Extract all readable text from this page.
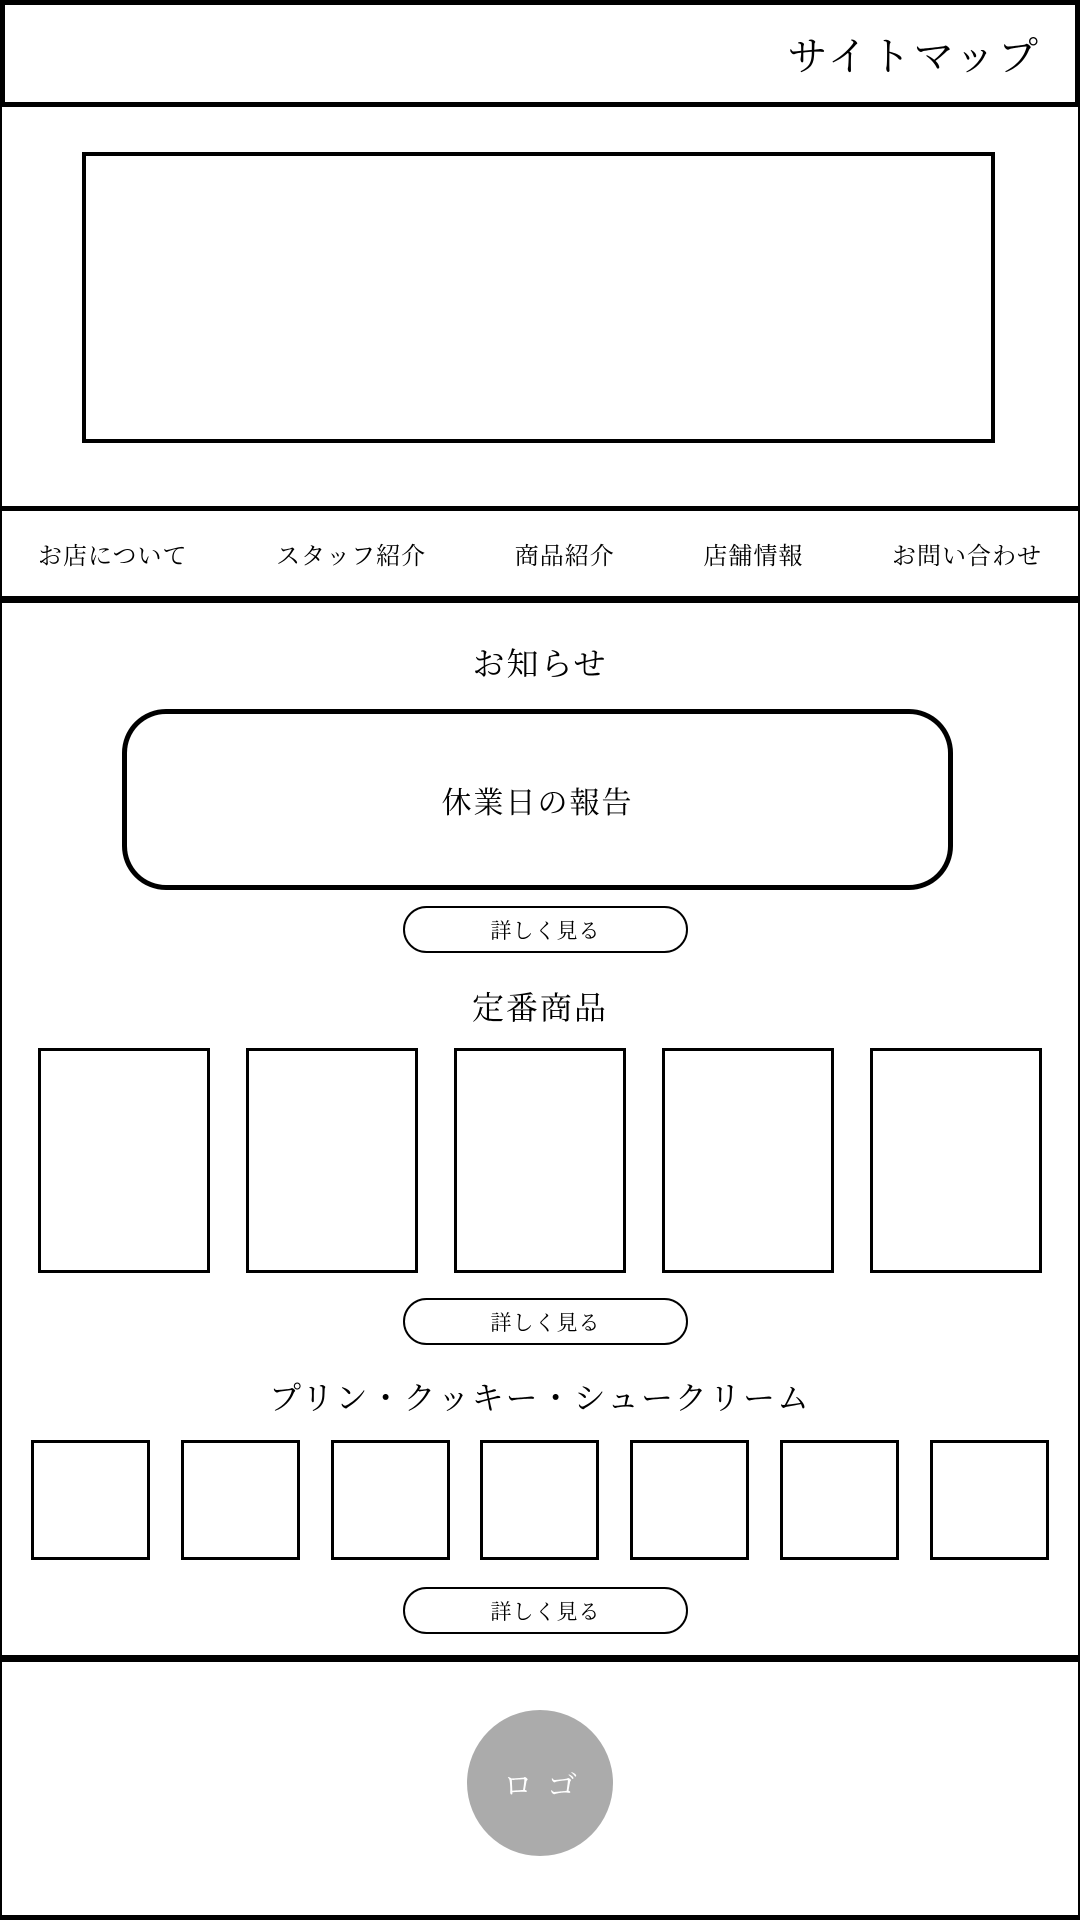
サイトマップ
お店について	スタッフ紹介	商品紹介	店舗情報	お問い合わせ
お知らせ
休業日の報告
詳しく見る
定番商品
詳しく見る
プリン・クッキー・シュークリーム
詳しく見る
ロゴ
